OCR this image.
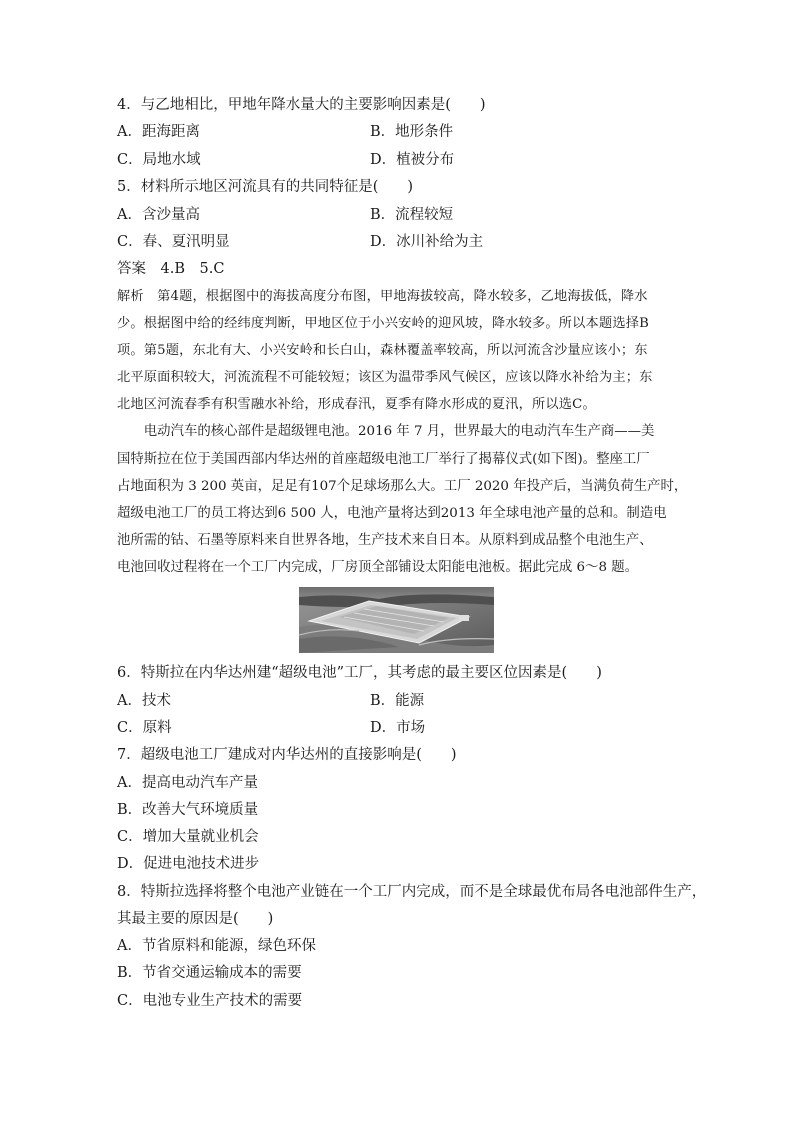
4．与乙地相比，甲地年降水量大的主要影响因素是(　　)
A．距海距离	B．地形条件
C．局地水域	D．植被分布
5．材料所示地区河流具有的共同特征是(　　)
A．含沙量高	B．流程较短
C．春、夏汛明显	D．冰川补给为主
答案　4.B　5.C
解析　第4题，根据图中的海拔高度分布图，甲地海拔较高，降水较多，乙地海拔低，降水
少。根据图中给的经纬度判断，甲地区位于小兴安岭的迎风坡，降水较多。所以本题选择B
项。第5题，东北有大、小兴安岭和长白山，森林覆盖率较高，所以河流含沙量应该小；东
北平原面积较大，河流流程不可能较短；该区为温带季风气候区，应该以降水补给为主；东
北地区河流春季有积雪融水补给，形成春汛，夏季有降水形成的夏汛，所以选C。
　　电动汽车的核心部件是超级锂电池。2016 年 7 月，世界最大的电动汽车生产商——美
国特斯拉在位于美国西部内华达州的首座超级电池工厂举行了揭幕仪式(如下图)。整座工厂
占地面积为 3 200 英亩，足足有107个足球场那么大。工厂 2020 年投产后，当满负荷生产时，
超级电池工厂的员工将达到6 500 人，电池产量将达到2013 年全球电池产量的总和。制造电
池所需的钴、石墨等原料来自世界各地，生产技术来自日本。从原料到成品整个电池生产、
电池回收过程将在一个工厂内完成，厂房顶全部铺设太阳能电池板。据此完成 6～8 题。
6．特斯拉在内华达州建“超级电池”工厂，其考虑的最主要区位因素是(　　)
A．技术	B．能源
C．原料	D．市场
7．超级电池工厂建成对内华达州的直接影响是(　　)
A．提高电动汽车产量
B．改善大气环境质量
C．增加大量就业机会
D．促进电池技术进步
8．特斯拉选择将整个电池产业链在一个工厂内完成，而不是全球最优布局各电池部件生产，
其最主要的原因是(　　)
A．节省原料和能源，绿色环保
B．节省交通运输成本的需要
C．电池专业生产技术的需要
